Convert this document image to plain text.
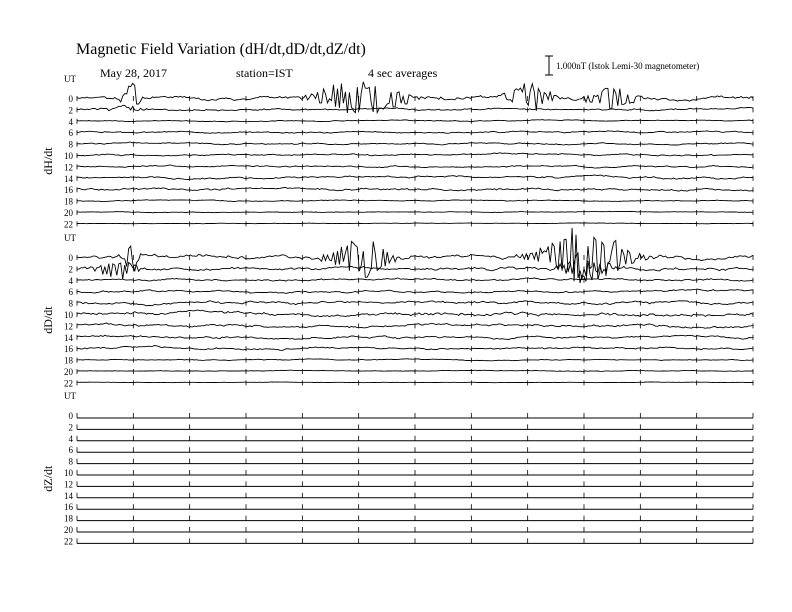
Magnetic Field Variation (dH/dt,dD/dt,dZ/dt)
May 28, 2017	station=IST	4 sec averages	1.000nT (Istok Lemi-30 magnetometer)
UT
dH/dt
0
2
4
6
8
10
12
14
16
18
20
22
UT
dD/dt
0
2
4
6
8
10
12
14
16
18
20
22
UT
dZ/dt
0
2
4
6
8
10
12
14
16
18
20
22
